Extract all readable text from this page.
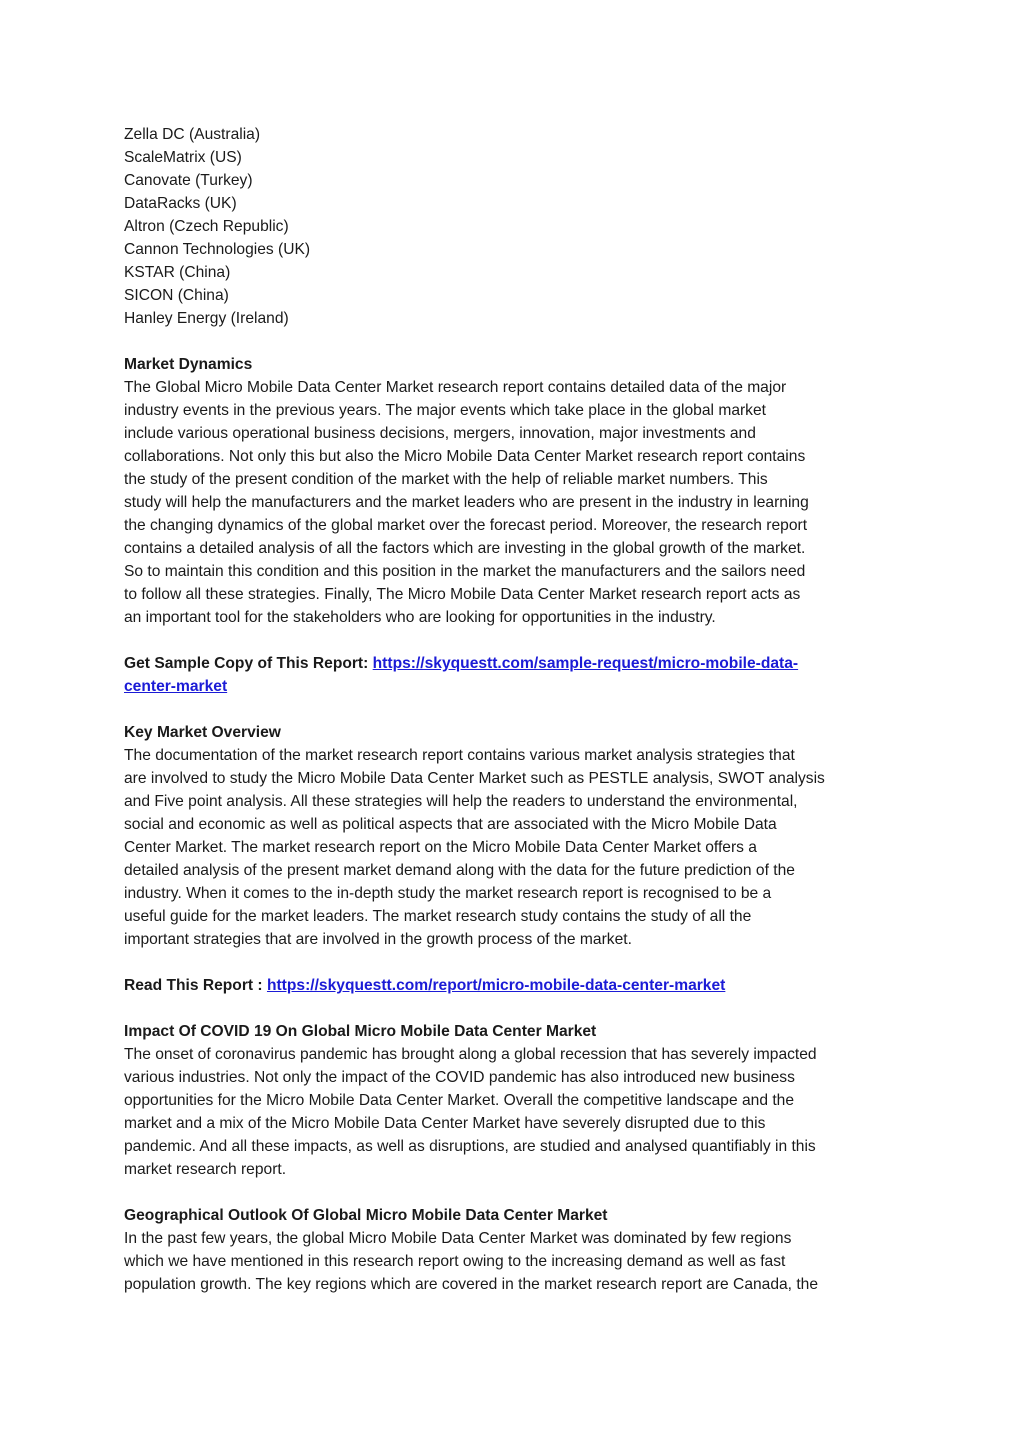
Zella DC (Australia)
ScaleMatrix (US)
Canovate (Turkey)
DataRacks (UK)
Altron (Czech Republic)
Cannon Technologies (UK)
KSTAR (China)
SICON (China)
Hanley Energy (Ireland)
Market Dynamics
The Global Micro Mobile Data Center Market research report contains detailed data of the major
industry events in the previous years. The major events which take place in the global market
include various operational business decisions, mergers, innovation, major investments and
collaborations. Not only this but also the Micro Mobile Data Center Market research report contains
the study of the present condition of the market with the help of reliable market numbers. This
study will help the manufacturers and the market leaders who are present in the industry in learning
the changing dynamics of the global market over the forecast period. Moreover, the research report
contains a detailed analysis of all the factors which are investing in the global growth of the market.
So to maintain this condition and this position in the market the manufacturers and the sailors need
to follow all these strategies. Finally, The Micro Mobile Data Center Market research report acts as
an important tool for the stakeholders who are looking for opportunities in the industry.
Get Sample Copy of This Report: https://skyquestt.com/sample-request/micro-mobile-data-
center-market
Key Market Overview
The documentation of the market research report contains various market analysis strategies that
are involved to study the Micro Mobile Data Center Market such as PESTLE analysis, SWOT analysis
and Five point analysis. All these strategies will help the readers to understand the environmental,
social and economic as well as political aspects that are associated with the Micro Mobile Data
Center Market. The market research report on the Micro Mobile Data Center Market offers a
detailed analysis of the present market demand along with the data for the future prediction of the
industry. When it comes to the in-depth study the market research report is recognised to be a
useful guide for the market leaders. The market research study contains the study of all the
important strategies that are involved in the growth process of the market.
Read This Report : https://skyquestt.com/report/micro-mobile-data-center-market
Impact Of COVID 19 On Global Micro Mobile Data Center Market
The onset of coronavirus pandemic has brought along a global recession that has severely impacted
various industries. Not only the impact of the COVID pandemic has also introduced new business
opportunities for the Micro Mobile Data Center Market. Overall the competitive landscape and the
market and a mix of the Micro Mobile Data Center Market have severely disrupted due to this
pandemic. And all these impacts, as well as disruptions, are studied and analysed quantifiably in this
market research report.
Geographical Outlook Of Global Micro Mobile Data Center Market
In the past few years, the global Micro Mobile Data Center Market was dominated by few regions
which we have mentioned in this research report owing to the increasing demand as well as fast
population growth. The key regions which are covered in the market research report are Canada, the
